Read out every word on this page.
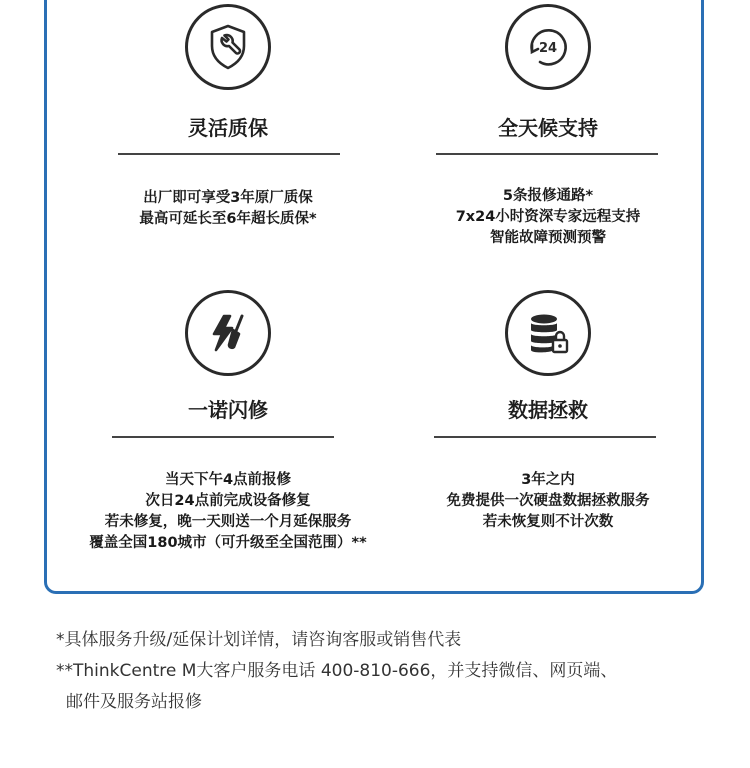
灵活质保
出厂即可享受3年原厂质保
最高可延长至6年超长质保*
24
全天候支持
5条报修通路*
7x24小时资深专家远程支持
智能故障预测预警
一诺闪修
当天下午4点前报修
次日24点前完成设备修复
若未修复，晚一天则送一个月延保服务
覆盖全国180城市（可升级至全国范围）**
数据拯救
3年之内
免费提供一次硬盘数据拯救服务
若未恢复则不计次数
*具体服务升级/延保计划详情，请咨询客服或销售代表
**ThinkCentre M大客户服务电话 400-810-666，并支持微信、网页端、
邮件及服务站报修
